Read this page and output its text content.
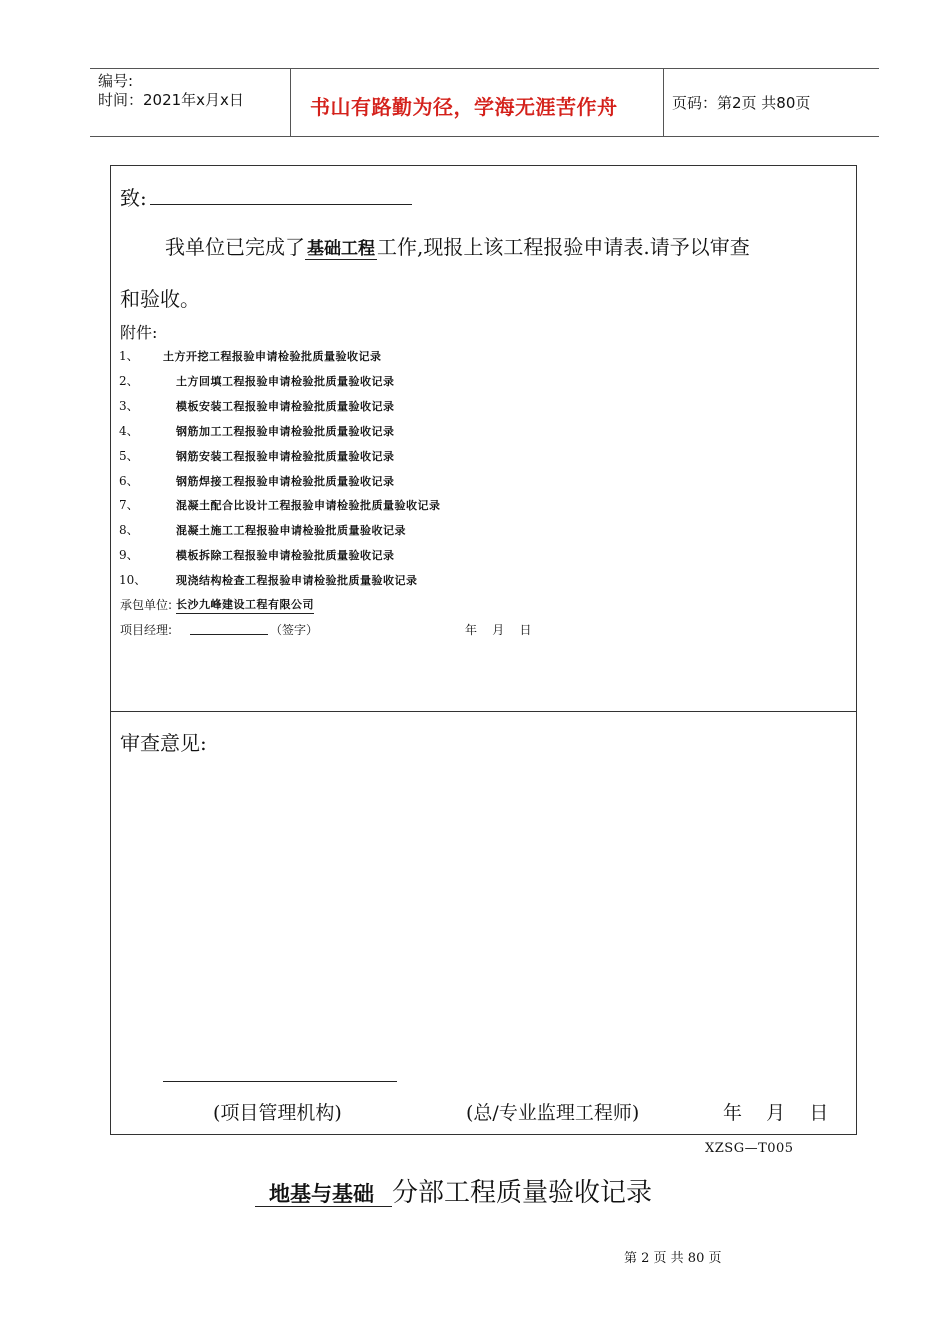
编号:
时间：2021年x月x日	书山有路勤为径，学海无涯苦作舟	页码：第2页 共80页
致:
我单位已完成了 基础工程 工作,现报上该工程报验申请表.请予以审查
和验收。
附件:
1、 土方开挖工程报验申请检验批质量验收记录
2、	土方回填工程报验申请检验批质量验收记录
3、	模板安装工程报验申请检验批质量验收记录
4、	钢筋加工工程报验申请检验批质量验收记录
5、	钢筋安装工程报验申请检验批质量验收记录
6、	钢筋焊接工程报验申请检验批质量验收记录
7、	混凝土配合比设计工程报验申请检验批质量验收记录
8、	混凝土施工工程报验申请检验批质量验收记录
9、	模板拆除工程报验申请检验批质量验收记录
10、	现浇结构检查工程报验申请检验批质量验收记录
承包单位: 长沙九峰建设工程有限公司
项目经理:	（签字）	年    月    日
审查意见:
(项目管理机构)	(总/专业监理工程师)	年    月    日
XZSG—T005
地基与基础 分部工程质量验收记录
第 2 页 共 80 页
